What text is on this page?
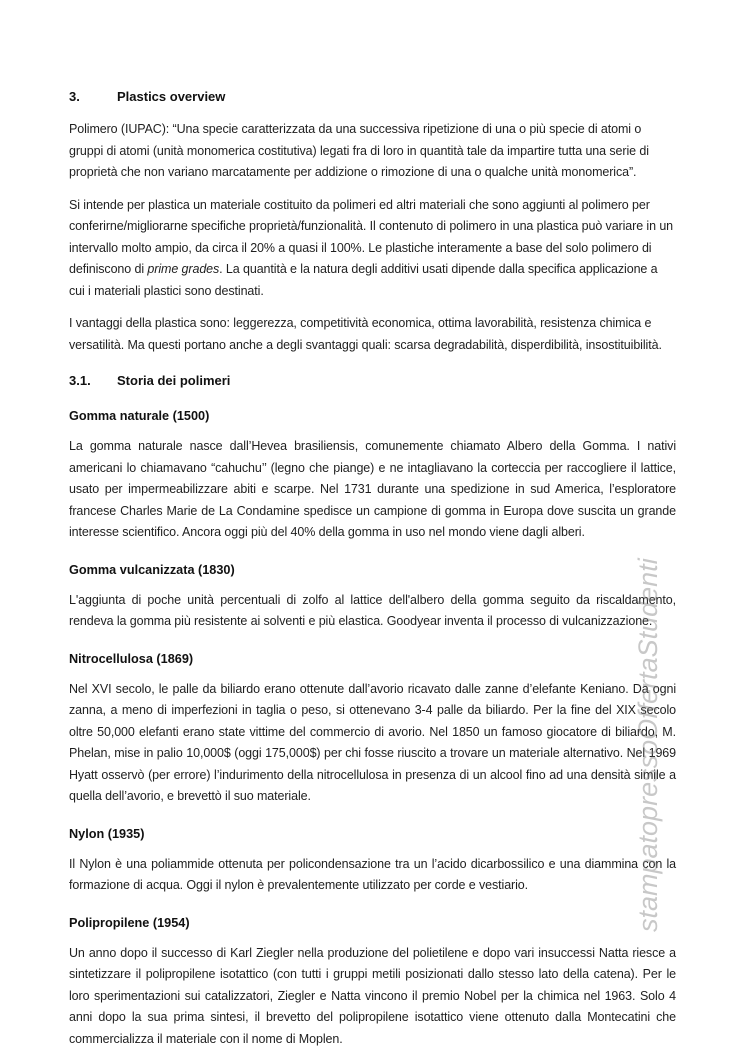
3.	Plastics overview

Polimero (IUPAC): “Una specie caratterizzata da una successiva ripetizione di una o più specie di atomi o gruppi di atomi (unità monomerica costitutiva) legati fra di loro in quantità tale da impartire tutta una serie di proprietà che non variano marcatamente per addizione o rimozione di una o qualche unità monomerica”.

Si intende per plastica un materiale costituito da polimeri ed altri materiali che sono aggiunti al polimero per conferirne/migliorarne specifiche proprietà/funzionalità. Il contenuto di polimero in una plastica può variare in un intervallo molto ampio, da circa il 20% a quasi il 100%. Le plastiche interamente a base del solo polimero di definiscono di prime grades. La quantità e la natura degli additivi usati dipende dalla specifica applicazione a cui i materiali plastici sono destinati.

I vantaggi della plastica sono: leggerezza, competitività economica, ottima lavorabilità, resistenza chimica e versatilità. Ma questi portano anche a degli svantaggi quali: scarsa degradabilità, disperdibilità, insostituibilità.

3.1. Storia dei polimeri
Gomma naturale (1500)

La gomma naturale nasce dall’Hevea brasiliensis, comunemente chiamato Albero della Gomma. I nativi americani lo chiamavano “cahuchu’’ (legno che piange) e ne intagliavano la corteccia per raccogliere il lattice, usato per impermeabilizzare abiti e scarpe. Nel 1731 durante una spedizione in sud America, l’esploratore francese Charles Marie de La Condamine spedisce un campione di gomma in Europa dove suscita un grande interesse scientifico. Ancora oggi più del 40% della gomma in uso nel mondo viene dagli alberi.

Gomma vulcanizzata (1830)

L'aggiunta di poche unità percentuali di zolfo al lattice dell'albero della gomma seguito da riscaldamento, rendeva la gomma più resistente ai solventi e più elastica. Goodyear inventa il processo di vulcanizzazione.

Nitrocellulosa (1869)

Nel XVI secolo, le palle da biliardo erano ottenute dall’avorio ricavato dalle zanne d’elefante Keniano. Da ogni zanna, a meno di imperfezioni in taglia o peso, si ottenevano 3-4 palle da biliardo. Per la fine del XIX secolo oltre 50,000 elefanti erano state vittime del commercio di avorio. Nel 1850 un famoso giocatore di biliardo, M. Phelan, mise in palio 10,000$ (oggi 175,000$) per chi fosse riuscito a trovare un materiale alternativo. Nel 1969 Hyatt osservò (per errore) l’indurimento della nitrocellulosa in presenza di un alcool fino ad una densità simile a quella dell’avorio, e brevettò il suo materiale.

Nylon (1935)

Il Nylon è una poliammide ottenuta per policondensazione tra un l’acido dicarbossilico e una diammina con la formazione di acqua. Oggi il nylon è prevalentemente utilizzato per corde e vestiario.

Polipropilene (1954)

Un anno dopo il successo di Karl Ziegler nella produzione del polietilene e dopo vari insuccessi Natta riesce a sintetizzare il polipropilene isotattico (con tutti i gruppi metili posizionati dallo stesso lato della catena). Per le loro sperimentazioni sui catalizzatori, Ziegler e Natta vincono il premio Nobel per la chimica nel 1963. Solo 4 anni dopo la sua prima sintesi, il brevetto del polipropilene isotattico viene ottenuto dalla Montecatini che commercializza il materiale con il nome di Moplen.

stampatopressoOffertaStudenti
